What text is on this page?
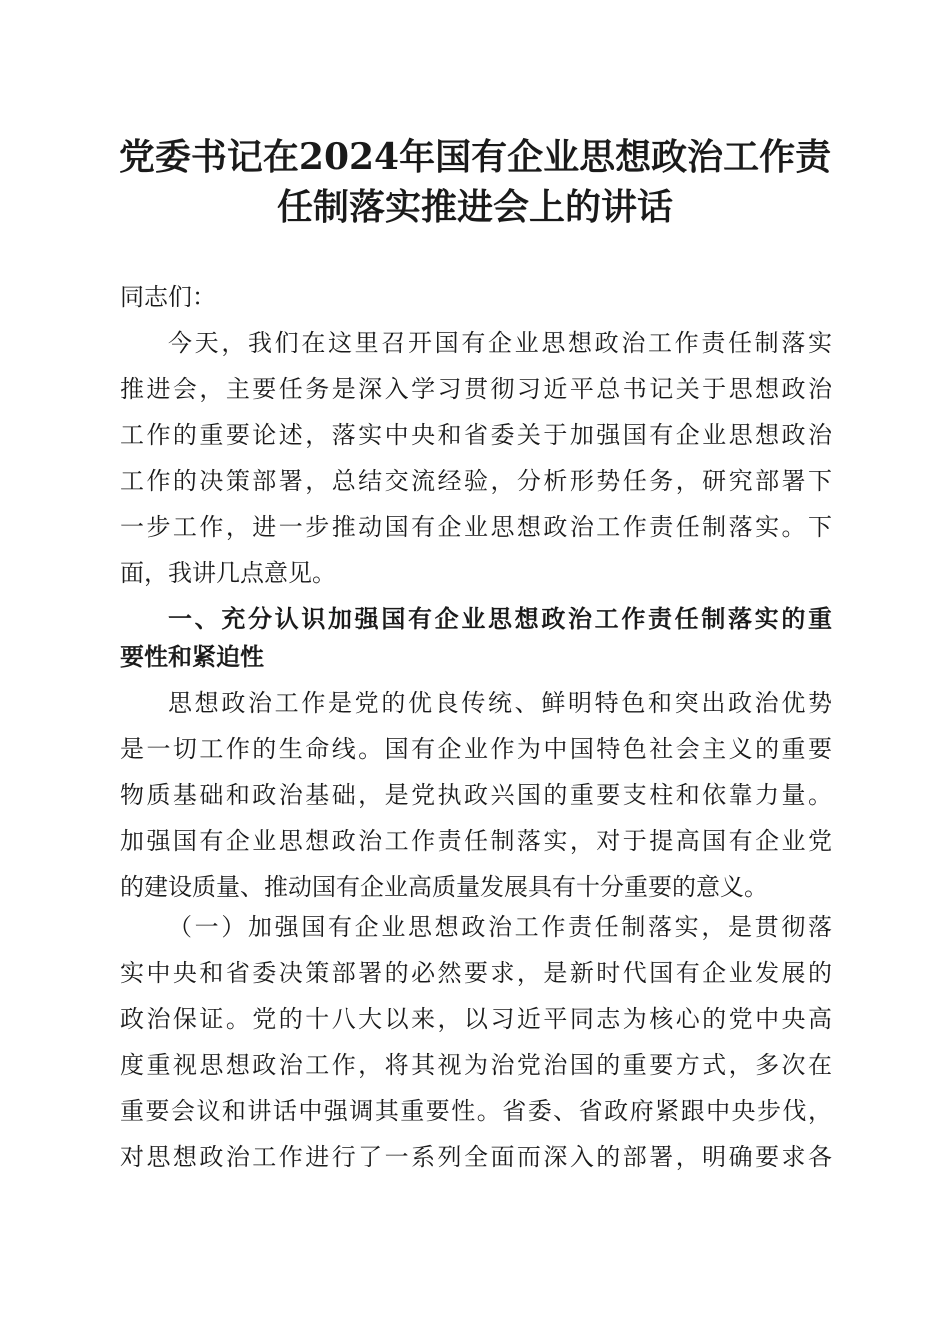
党委书记在2024年国有企业思想政治工作责
任制落实推进会上的讲话

同志们：

今天，我们在这里召开国有企业思想政治工作责任制落实

推进会，主要任务是深入学习贯彻习近平总书记关于思想政治

工作的重要论述，落实中央和省委关于加强国有企业思想政治

工作的决策部署，总结交流经验，分析形势任务，研究部署下

一步工作，进一步推动国有企业思想政治工作责任制落实。下

面，我讲几点意见。

一、充分认识加强国有企业思想政治工作责任制落实的重

要性和紧迫性

思想政治工作是党的优良传统、鲜明特色和突出政治优势

是一切工作的生命线。国有企业作为中国特色社会主义的重要

物质基础和政治基础，是党执政兴国的重要支柱和依靠力量。

加强国有企业思想政治工作责任制落实，对于提高国有企业党

的建设质量、推动国有企业高质量发展具有十分重要的意义。

（一）加强国有企业思想政治工作责任制落实，是贯彻落

实中央和省委决策部署的必然要求，是新时代国有企业发展的

政治保证。党的十八大以来，以习近平同志为核心的党中央高

度重视思想政治工作，将其视为治党治国的重要方式，多次在

重要会议和讲话中强调其重要性。省委、省政府紧跟中央步伐，

对思想政治工作进行了一系列全面而深入的部署，明确要求各
